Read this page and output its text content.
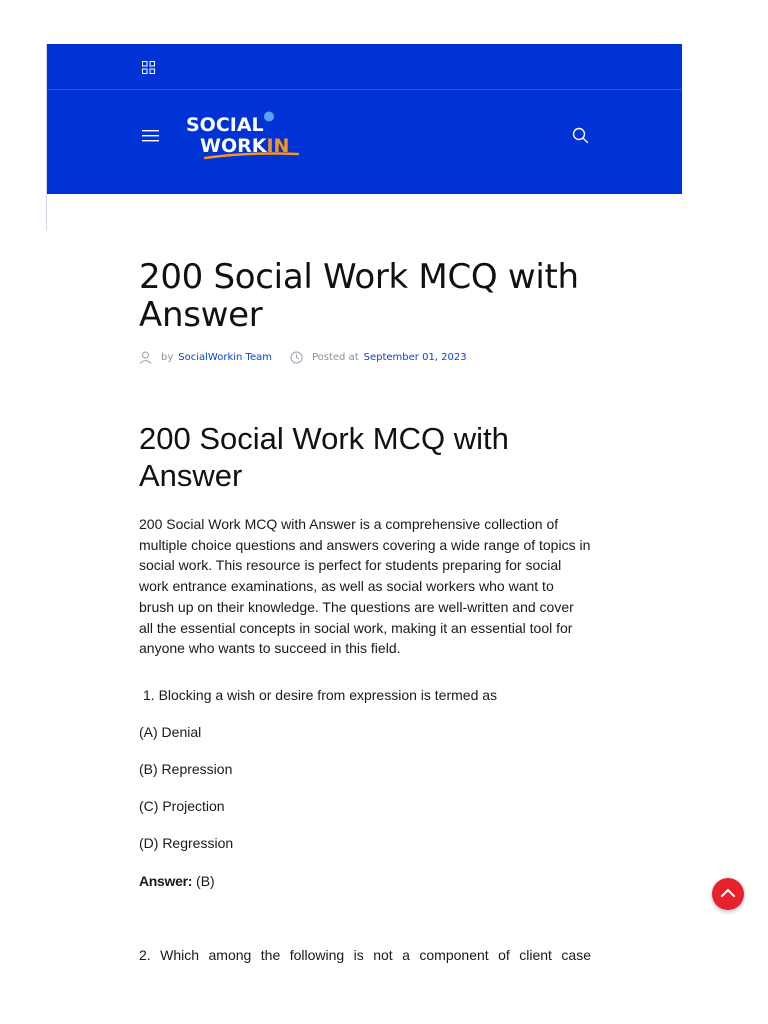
SOCIAL
WORKIN
200 Social Work MCQ with Answer
by SocialWorkin Team	Posted at September 01, 2023
200 Social Work MCQ with Answer

200 Social Work MCQ with Answer is a comprehensive collection of multiple choice questions and answers covering a wide range of topics in social work. This resource is perfect for students preparing for social work entrance examinations, as well as social workers who want to brush up on their knowledge. The questions are well-written and cover all the essential concepts in social work, making it an essential tool for anyone who wants to succeed in this field.

1. Blocking a wish or desire from expression is termed as

(A) Denial

(B) Repression

(C) Projection

(D) Regression

Answer: (B)

2. Which among the following is not a component of client case
